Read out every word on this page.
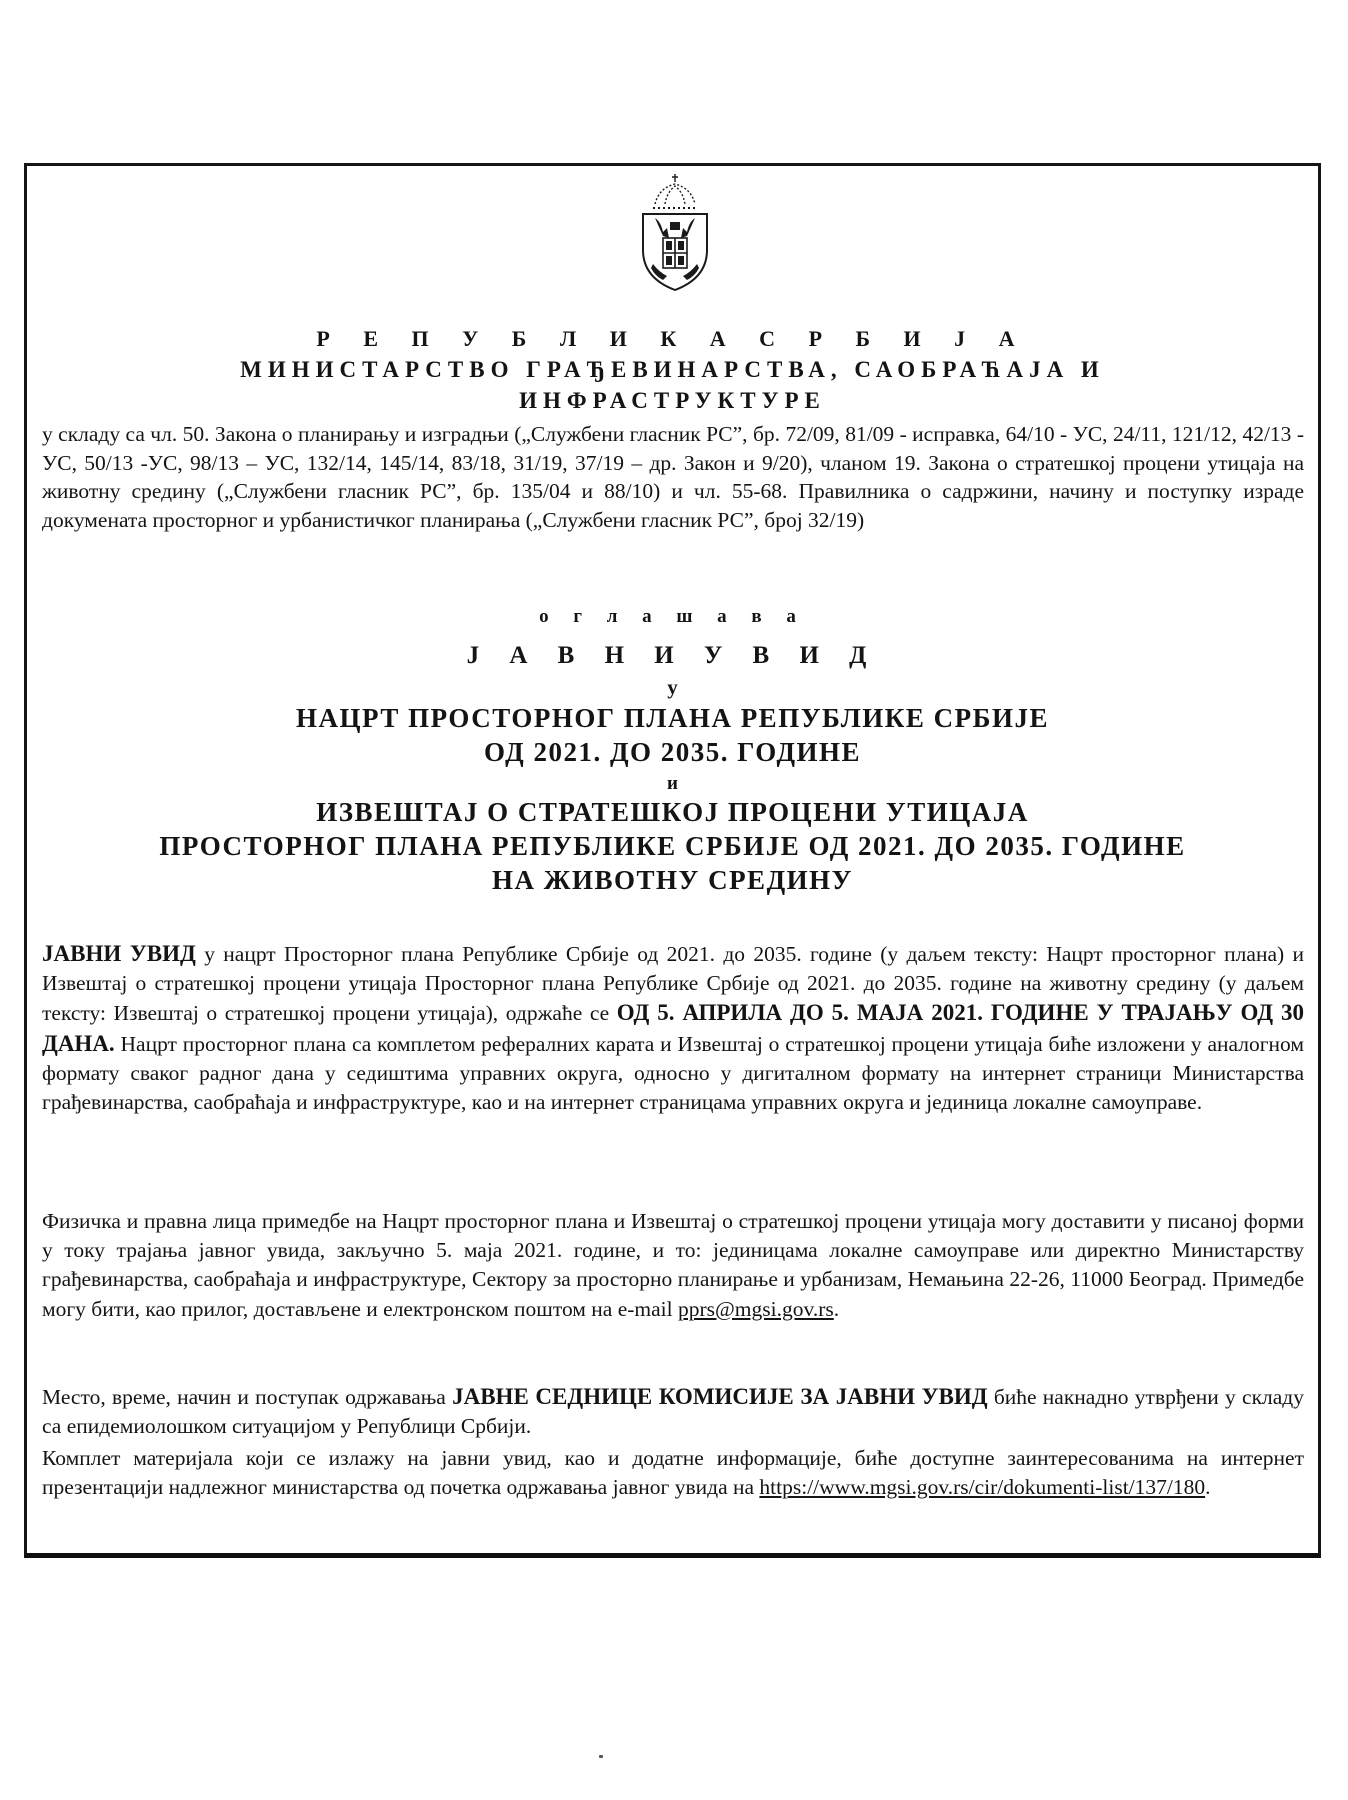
Р Е П У Б Л И К А С Р Б И Ј А
МИНИСТАРСТВО ГРАЂЕВИНАРСТВА, САОБРАЋАЈА И
ИНФРАСТРУКТУРЕ
у складу са чл. 50. Закона о планирању и изградњи („Службени гласник РС”, бр. 72/09, 81/09 - исправка, 64/10 - УС, 24/11, 121/12, 42/13 - УС, 50/13 -УС, 98/13 – УС, 132/14, 145/14, 83/18, 31/19, 37/19 – др. Закон и 9/20), чланом 19. Закона о стратешкој процени утицаја на животну средину („Службени гласник РС”, бр. 135/04 и 88/10) и чл. 55-68. Правилника о садржини, начину и поступку израде докумената просторног и урбанистичког планирања („Службени гласник РС”, број 32/19)
о г л а ш а в а
Ј А В Н И У В И Д
у
НАЦРТ ПРОСТОРНОГ ПЛАНА РЕПУБЛИКЕ СРБИЈЕ
ОД 2021. ДО 2035. ГОДИНЕ
и
ИЗВЕШТАЈ О СТРАТЕШКОЈ ПРОЦЕНИ УТИЦАЈА
ПРОСТОРНОГ ПЛАНА РЕПУБЛИКЕ СРБИЈЕ ОД 2021. ДО 2035. ГОДИНЕ
НА ЖИВОТНУ СРЕДИНУ
ЈАВНИ УВИД у нацрт Просторног плана Републике Србије од 2021. до 2035. године (у даљем тексту: Нацрт просторног плана) и Извештај о стратешкој процени утицаја Просторног плана Републике Србије од 2021. до 2035. године на животну средину (у даљем тексту: Извештај о стратешкој процени утицаја), одржаће се ОД 5. АПРИЛА ДО 5. МАЈА 2021. ГОДИНЕ У ТРАЈАЊУ ОД 30 ДАНА. Нацрт просторног плана са комплетом реферaлних карата и Извештај о стратешкој процени утицаја биће изложени у аналогном формату сваког радног дана у седиштима управних округа, односно у дигиталном формату на интернет страници Министарства грађевинарства, саобраћаја и инфраструктуре, као и на интернет страницама управних округа и јединица локалне самоуправе.
Физичка и правна лица примедбе на Нацрт просторног плана и Извештај о стратешкој процени утицаја могу доставити у писаној форми у току трајања јавног увида, закључно 5. маја 2021. године, и то: јединицама локалне самоуправе или директно Министарству грађевинарства, саобраћаја и инфраструктуре, Сектору за просторно планирање и урбанизам, Немањина 22-26, 11000 Београд. Примедбе могу бити, као прилог, достављене и електронском поштом на e-mail pprs@mgsi.gov.rs.
Место, време, начин и поступак одржавања ЈАВНЕ СЕДНИЦЕ КОМИСИЈЕ ЗА ЈАВНИ УВИД биће накнадно утврђени у складу са епидемиолошком ситуацијом у Републици Србији.
Комплет материјала који се излажу на јавни увид, као и додатне информације, биће доступне заинтересованима на интернет презентацији надлежног министарства од почетка одржавања јавног увида на https://www.mgsi.gov.rs/cir/dokumenti-list/137/180.
